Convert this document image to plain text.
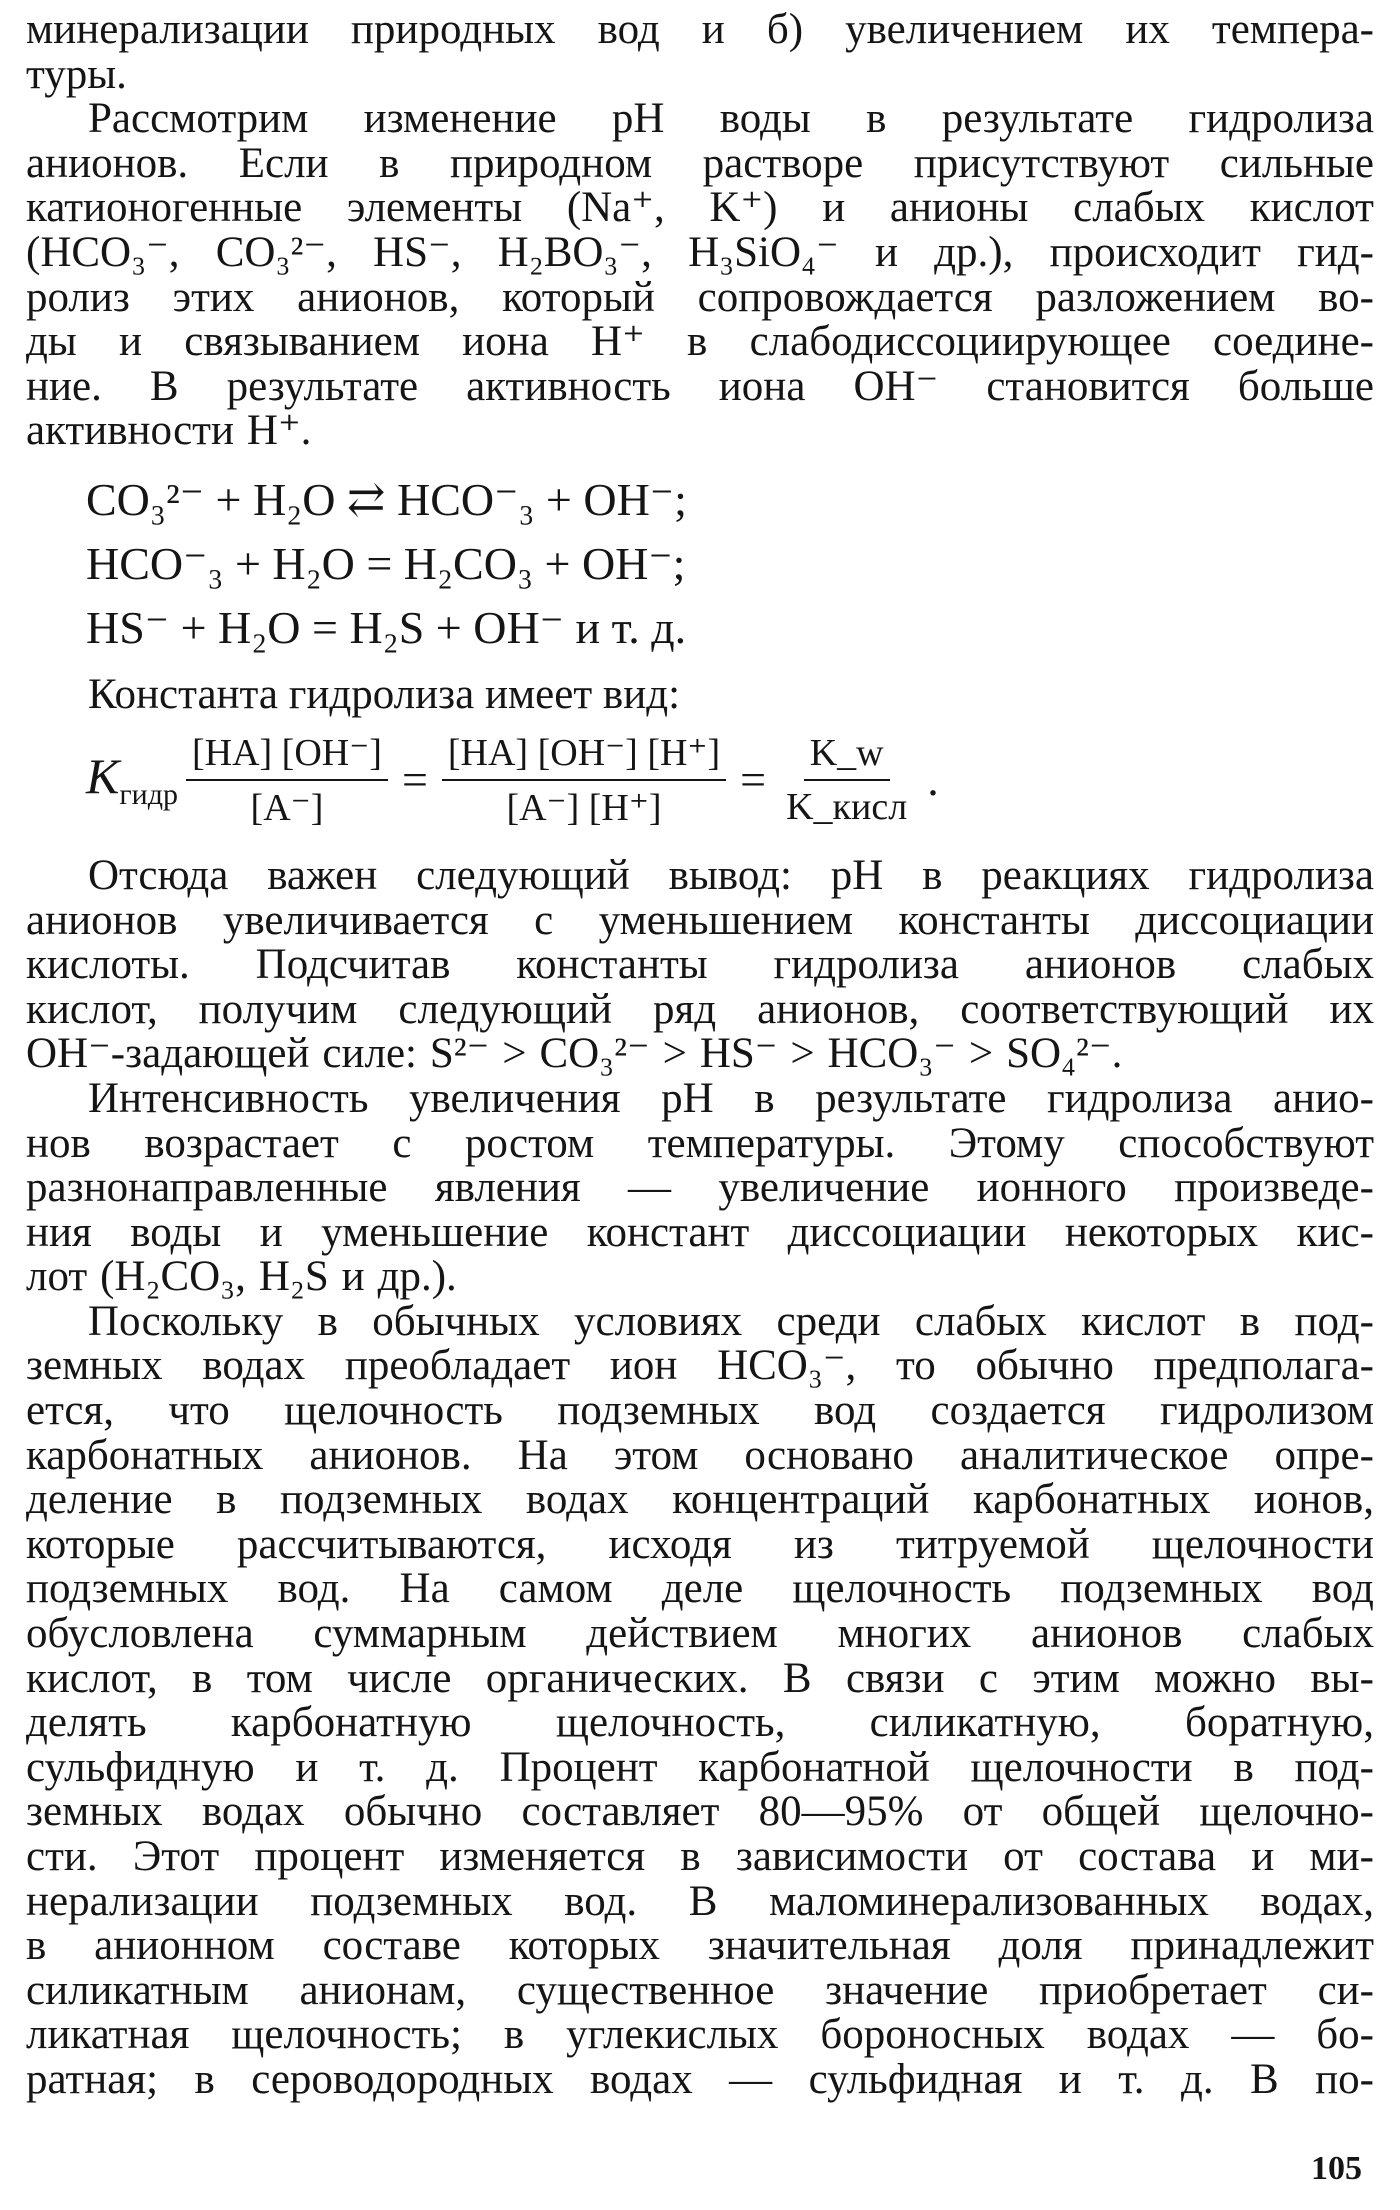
минерализации природных вод и б) увеличением их темпера-
туры.
Рассмотрим изменение pH воды в результате гидролиза
анионов. Если в природном растворе присутствуют сильные
катионогенные элементы (Na⁺, K⁺) и анионы слабых кислот
(HCO₃⁻, CO₃²⁻, HS⁻, H₂BO₃⁻, H₃SiO₄⁻ и др.), происходит гид-
ролиз этих анионов, который сопровождается разложением во-
ды и связыванием иона H⁺ в слабодиссоциирующее соедине-
ние. В результате активность иона OH⁻ становится больше
активности H⁺.
CO₃²⁻ + H₂O ⇄ HCO⁻₃ + OH⁻;
HCO⁻₃ + H₂O = H₂CO₃ + OH⁻;
HS⁻ + H₂O = H₂S + OH⁻ и т. д.
Константа гидролиза имеет вид:
$K_{гидр} \frac{[HA] [OH^-]}{[A^-]} = \frac{[HA] [OH^-] [H^+]}{[A^-] [H^+]} = \frac{K\_w}{\text{K\_кисл}}$ .
Отсюда важен следующий вывод: pH в реакциях гидролиза
анионов увеличивается с уменьшением константы диссоциации
кислоты. Подсчитав константы гидролиза анионов слабых
кислот, получим следующий ряд анионов, соответствующий их
OH⁻-задающей силе: S²⁻ > CO₃²⁻ > HS⁻ > HCO₃⁻ > SO₄²⁻.
Интенсивность увеличения pH в результате гидролиза анио-
нов возрастает с ростом температуры. Этому способствуют
разнонаправленные явления — увеличение ионного произведе-
ния воды и уменьшение констант диссоциации некоторых кис-
лот (H₂CO₃, H₂S и др.).
Поскольку в обычных условиях среди слабых кислот в под-
земных водах преобладает ион HCO₃⁻, то обычно предполага-
ется, что щелочность подземных вод создается гидролизом
карбонатных анионов. На этом основано аналитическое опре-
деление в подземных водах концентраций карбонатных ионов,
которые рассчитываются, исходя из титруемой щелочности
подземных вод. На самом деле щелочность подземных вод
обусловлена суммарным действием многих анионов слабых
кислот, в том числе органических. В связи с этим можно вы-
делять карбонатную щелочность, силикатную, боратную,
сульфидную и т. д. Процент карбонатной щелочности в под-
земных водах обычно составляет 80—95% от общей щелочно-
сти. Этот процент изменяется в зависимости от состава и ми-
нерализации подземных вод. В маломинерализованных водах,
в анионном составе которых значительная доля принадлежит
силикатным анионам, существенное значение приобретает си-
ликатная щелочность; в углекислых бороносных водах — бо-
ратная; в сероводородных водах — сульфидная и т. д. В по-
105
